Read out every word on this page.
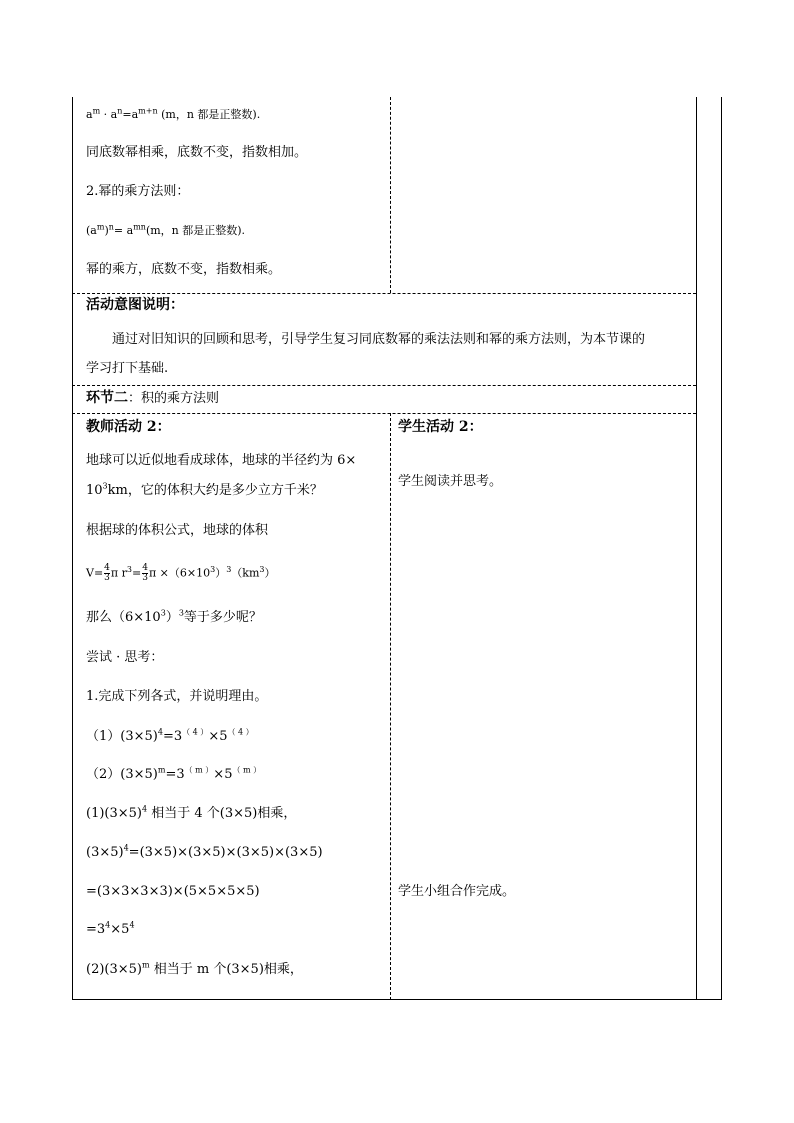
$a^m \cdot a^n=a^{m+n}$ (m，n 都是正整数).
同底数幂相乘，底数不变，指数相加。
2.幂的乘方法则：
$(a^m)^n= a^{mn}(m$，n 都是正整数).
幂的乘方，底数不变，指数相乘。
活动意图说明：
通过对旧知识的回顾和思考，引导学生复习同底数幂的乘法法则和幂的乘方法则，为本节课的
学习打下基础.
环节二：积的乘方法则
教师活动 2：
地球可以近似地看成球体，地球的半径约为 6×
$10^3km$，它的体积大约是多少立方千米？
根据球的体积公式，地球的体积
$V= \frac{4}{3}$ π $r^3= \frac{4}{3}$ $\pi \times(6\times 10^3)^3(km^3)$
那么$(6\times 10^3)^3$等于多少呢？
尝试 · 思考：
1.完成下列各式，并说明理由。
$(1)(3\times 5)^4=3^{( 4 )}\times 5^{( 4 )}$
$(2)(3\times 5)^m=3^{( m )}\times 5^{( m )}$
$(1)(3\times 5)^4$ 相当于 4 个(3×5)相乘，
$(3\times 5)^4=(3\times 5)\times(3\times 5)\times(3\times 5)\times(3\times 5)$
=(3×3×3×3)×(5×5×5×5)
$=3^4\times 5^4$
$(2)(3\times 5)^m$ 相当于 m 个(3×5)相乘，
学生活动 2：
学生阅读并思考。
学生小组合作完成。
